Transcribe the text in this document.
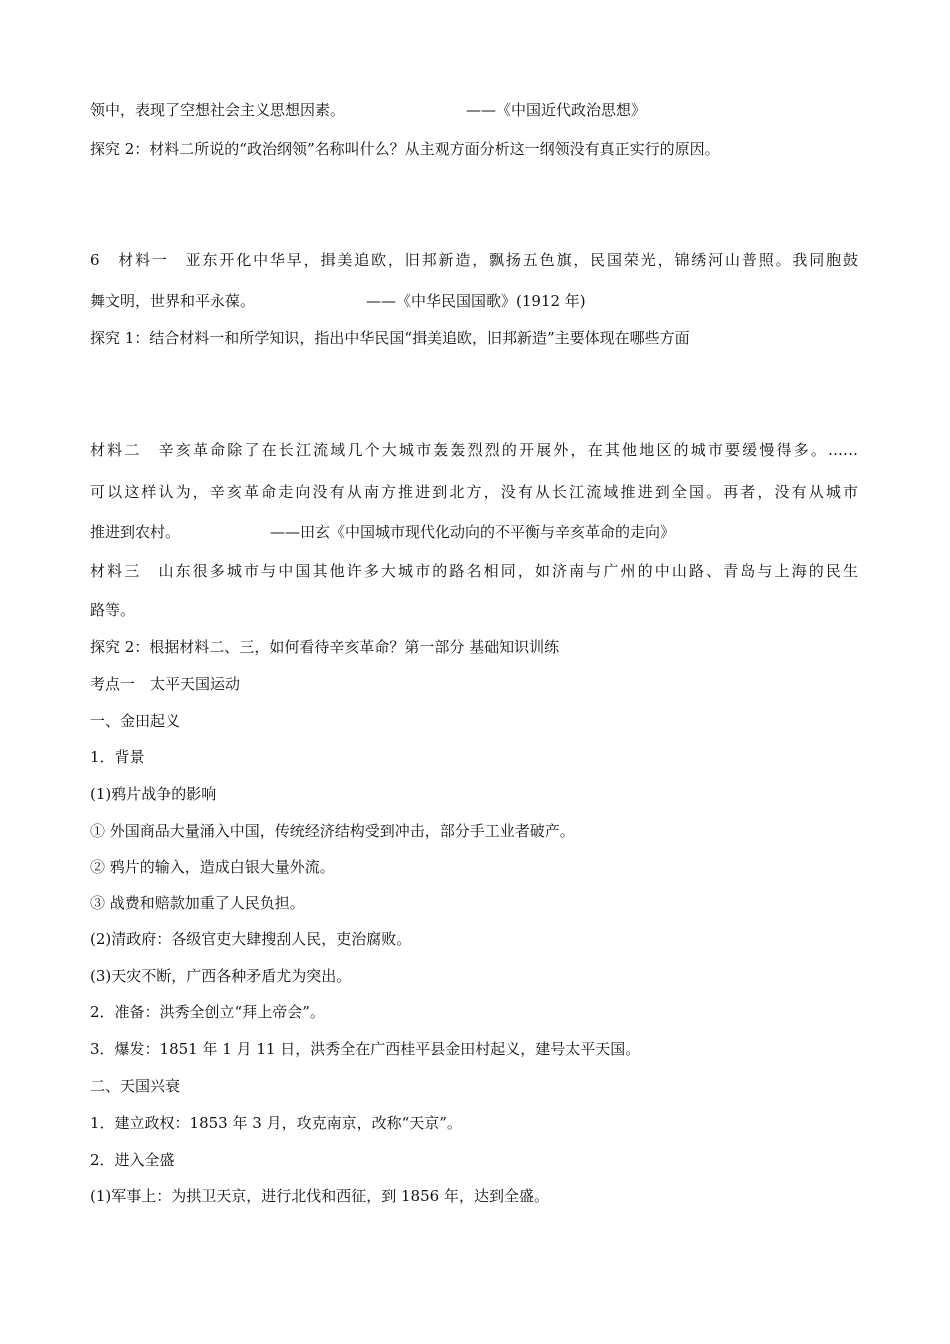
领中，表现了空想社会主义思想因素。	——《中国近代政治思想》
探究 2：材料二所说的“政治纲领”名称叫什么？从主观方面分析这一纲领没有真正实行的原因。
6　材料一　亚东开化中华早，揖美追欧，旧邦新造，飘扬五色旗，民国荣光，锦绣河山普照。我同胞鼓
舞文明，世界和平永葆。	——《中华民国国歌》(1912 年)
探究 1：结合材料一和所学知识，指出中华民国“揖美追欧，旧邦新造”主要体现在哪些方面
材料二　辛亥革命除了在长江流域几个大城市轰轰烈烈的开展外，在其他地区的城市要缓慢得多。……
可以这样认为，辛亥革命走向没有从南方推进到北方，没有从长江流域推进到全国。再者，没有从城市
推进到农村。	——田玄《中国城市现代化动向的不平衡与辛亥革命的走向》
材料三　山东很多城市与中国其他许多大城市的路名相同，如济南与广州的中山路、青岛与上海的民生
路等。
探究 2：根据材料二、三，如何看待辛亥革命？第一部分 基础知识训练
考点一　太平天国运动
一、金田起义
1．背景
(1)鸦片战争的影响
① 外国商品大量涌入中国，传统经济结构受到冲击，部分手工业者破产。
② 鸦片的输入，造成白银大量外流。
③ 战费和赔款加重了人民负担。
(2)清政府：各级官吏大肆搜刮人民，吏治腐败。
(3)天灾不断，广西各种矛盾尤为突出。
2．准备：洪秀全创立“拜上帝会”。
3．爆发：1851 年 1 月 11 日，洪秀全在广西桂平县金田村起义，建号太平天国。
二、天国兴衰
1．建立政权：1853 年 3 月，攻克南京，改称“天京”。
2．进入全盛
(1)军事上：为拱卫天京，进行北伐和西征，到 1856 年，达到全盛。
